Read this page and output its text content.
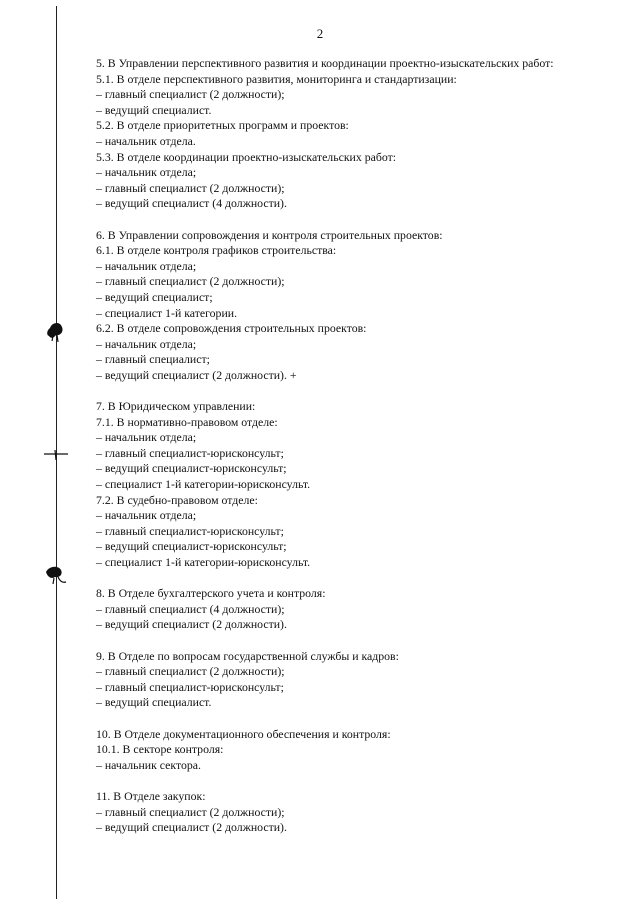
2
5. В Управлении перспективного развития и координации проектно-изыскательских работ:
5.1. В отделе перспективного развития, мониторинга и стандартизации:
– главный специалист (2 должности);
– ведущий специалист.
5.2. В отделе приоритетных программ и проектов:
– начальник отдела.
5.3. В отделе координации проектно-изыскательских работ:
– начальник отдела;
– главный специалист (2 должности);
– ведущий специалист (4 должности).
6. В Управлении сопровождения и контроля строительных проектов:
6.1. В отделе контроля графиков строительства:
– начальник отдела;
– главный специалист (2 должности);
– ведущий специалист;
– специалист 1-й категории.
6.2. В отделе сопровождения строительных проектов:
– начальник отдела;
– главный специалист;
– ведущий специалист (2 должности). +
7. В Юридическом управлении:
7.1. В нормативно-правовом отделе:
– начальник отдела;
– главный специалист-юрисконсульт;
– ведущий специалист-юрисконсульт;
– специалист 1-й категории-юрисконсульт.
7.2. В судебно-правовом отделе:
– начальник отдела;
– главный специалист-юрисконсульт;
– ведущий специалист-юрисконсульт;
– специалист 1-й категории-юрисконсульт.
8. В Отделе бухгалтерского учета и контроля:
– главный специалист (4 должности);
– ведущий специалист (2 должности).
9. В Отделе по вопросам государственной службы и кадров:
– главный специалист (2 должности);
– главный специалист-юрисконсульт;
– ведущий специалист.
10. В Отделе документационного обеспечения и контроля:
10.1. В секторе контроля:
– начальник сектора.
11. В Отделе закупок:
– главный специалист (2 должности);
– ведущий специалист (2 должности).
